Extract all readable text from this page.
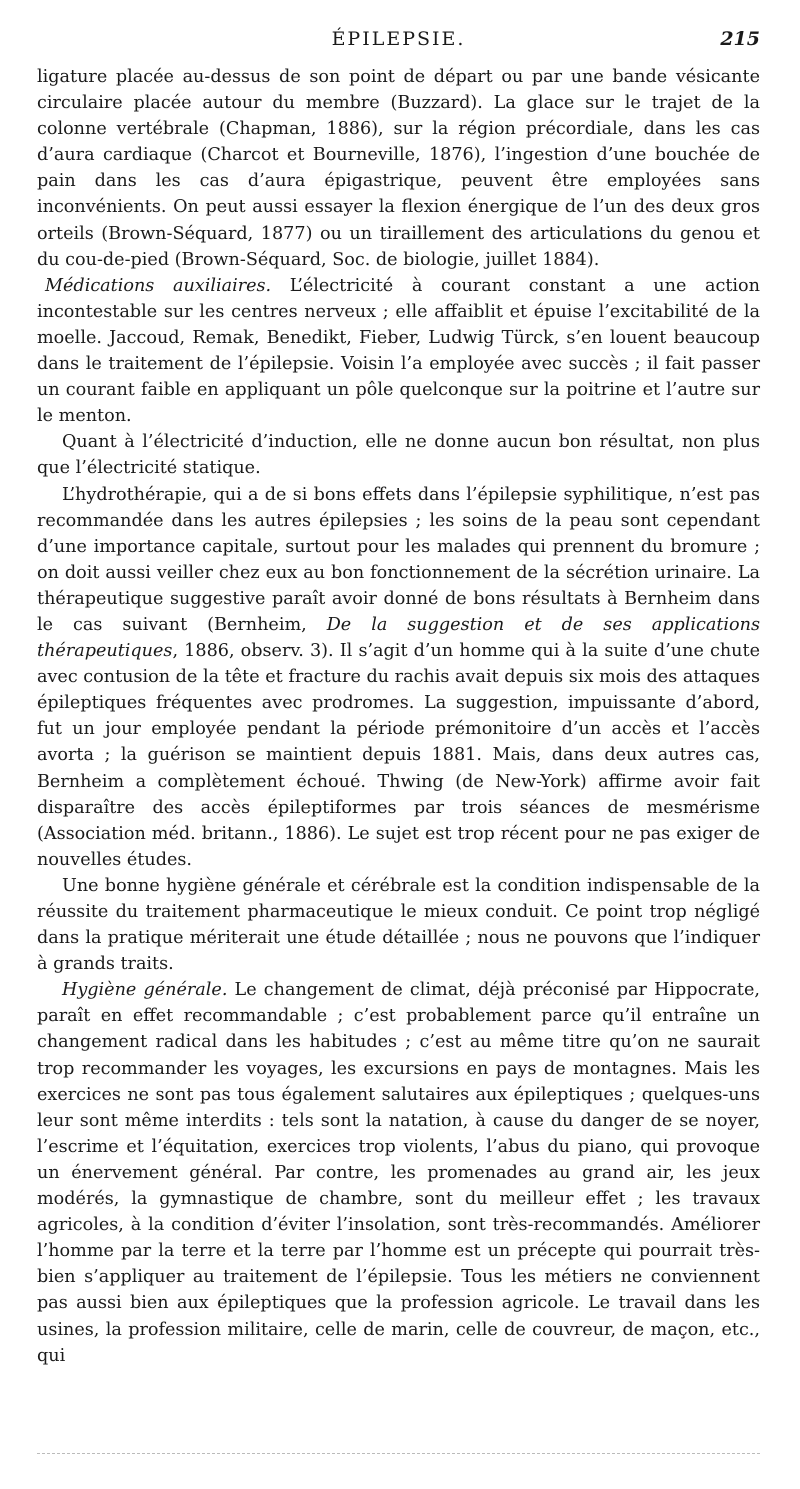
ÉPILEPSIE.	215

ligature placée au-dessus de son point de départ ou par une bande vésicante circulaire placée autour du membre (Buzzard). La glace sur le trajet de la colonne vertébrale (Chapman, 1886), sur la région précordiale, dans les cas d’aura cardiaque (Charcot et Bourneville, 1876), l’ingestion d’une bouchée de pain dans les cas d’aura épigastrique, peuvent être employées sans inconvénients. On peut aussi essayer la flexion énergique de l’un des deux gros orteils (Brown-Séquard, 1877) ou un tiraillement des articulations du genou et du cou-de-pied (Brown-Séquard, Soc. de biologie, juillet 1884).

Médications auxiliaires. L’électricité à courant constant a une action incontestable sur les centres nerveux ; elle affaiblit et épuise l’excitabilité de la moelle. Jaccoud, Remak, Benedikt, Fieber, Ludwig Türck, s’en louent beaucoup dans le traitement de l’épilepsie. Voisin l’a employée avec succès ; il fait passer un courant faible en appliquant un pôle quelconque sur la poitrine et l’autre sur le menton.

Quant à l’électricité d’induction, elle ne donne aucun bon résultat, non plus que l’électricité statique.

L’hydrothérapie, qui a de si bons effets dans l’épilepsie syphilitique, n’est pas recommandée dans les autres épilepsies ; les soins de la peau sont cependant d’une importance capitale, surtout pour les malades qui prennent du bromure ; on doit aussi veiller chez eux au bon fonctionnement de la sécrétion urinaire. La thérapeutique suggestive paraît avoir donné de bons résultats à Bernheim dans le cas suivant (Bernheim, De la suggestion et de ses applications thérapeutiques, 1886, observ. 3). Il s’agit d’un homme qui à la suite d’une chute avec contusion de la tête et fracture du rachis avait depuis six mois des attaques épileptiques fréquentes avec prodromes. La suggestion, impuissante d’abord, fut un jour employée pendant la période prémonitoire d’un accès et l’accès avorta ; la guérison se maintient depuis 1881. Mais, dans deux autres cas, Bernheim a complètement échoué. Thwing (de New-York) affirme avoir fait disparaître des accès épileptiformes par trois séances de mesmérisme (Association méd. britann., 1886). Le sujet est trop récent pour ne pas exiger de nouvelles études.

Une bonne hygiène générale et cérébrale est la condition indispensable de la réussite du traitement pharmaceutique le mieux conduit. Ce point trop négligé dans la pratique mériterait une étude détaillée ; nous ne pouvons que l’indiquer à grands traits.

Hygiène générale. Le changement de climat, déjà préconisé par Hippocrate, paraît en effet recommandable ; c’est probablement parce qu’il entraîne un changement radical dans les habitudes ; c’est au même titre qu’on ne saurait trop recommander les voyages, les excursions en pays de montagnes. Mais les exercices ne sont pas tous également salutaires aux épileptiques ; quelques-uns leur sont même interdits : tels sont la natation, à cause du danger de se noyer, l’escrime et l’équitation, exercices trop violents, l’abus du piano, qui provoque un énervement général. Par contre, les promenades au grand air, les jeux modérés, la gymnastique de chambre, sont du meilleur effet ; les travaux agricoles, à la condition d’éviter l’insolation, sont très-recommandés. Améliorer l’homme par la terre et la terre par l’homme est un précepte qui pourrait très-bien s’appliquer au traitement de l’épilepsie. Tous les métiers ne conviennent pas aussi bien aux épileptiques que la profession agricole. Le travail dans les usines, la profession militaire, celle de marin, celle de couvreur, de maçon, etc., qui
